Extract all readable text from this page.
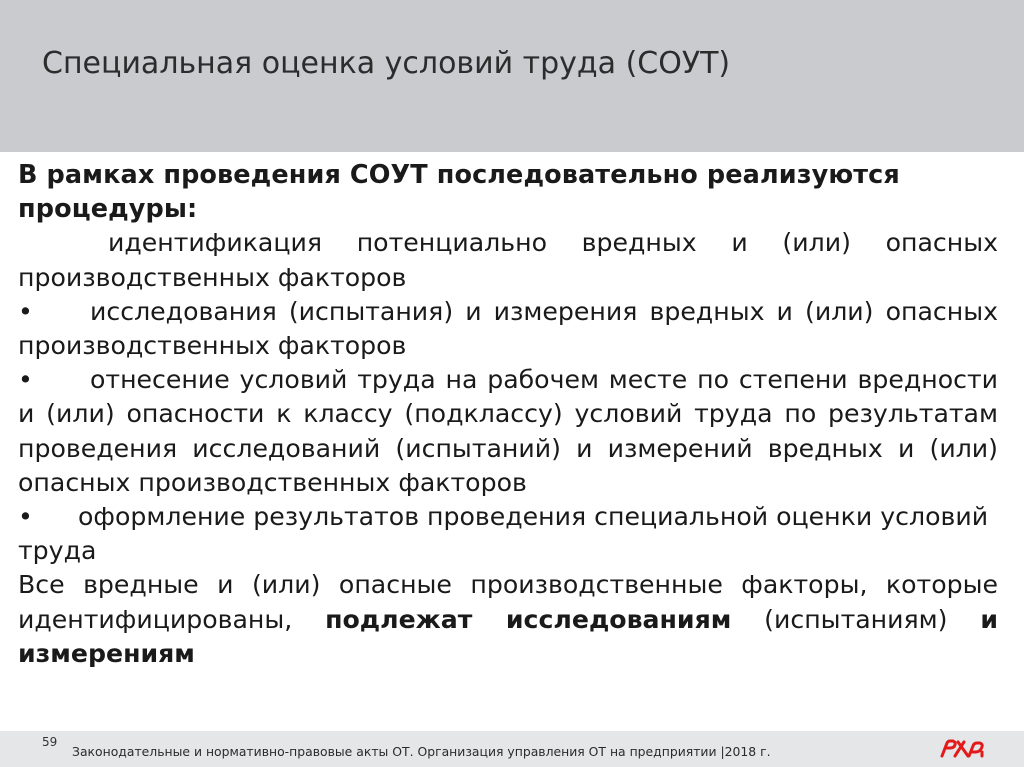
Специальная оценка условий труда (СОУТ)
В рамках проведения СОУТ последовательно реализуются процедуры:
идентификация потенциально вредных и (или) опасных производственных факторов
• исследования (испытания) и измерения вредных и (или) опасных производственных факторов
• отнесение условий труда на рабочем месте по степени вредности и (или) опасности к классу (подклассу) условий труда по результатам проведения исследований (испытаний) и измерений вредных и (или) опасных производственных факторов
• оформление результатов проведения специальной оценки условий труда
Все вредные и (или) опасные производственные факторы, которые идентифицированы, подлежат исследованиям (испытаниям) и измерениям
59
Законодательные и нормативно-правовые акты ОТ. Организация управления ОТ на предприятии |2018 г.
